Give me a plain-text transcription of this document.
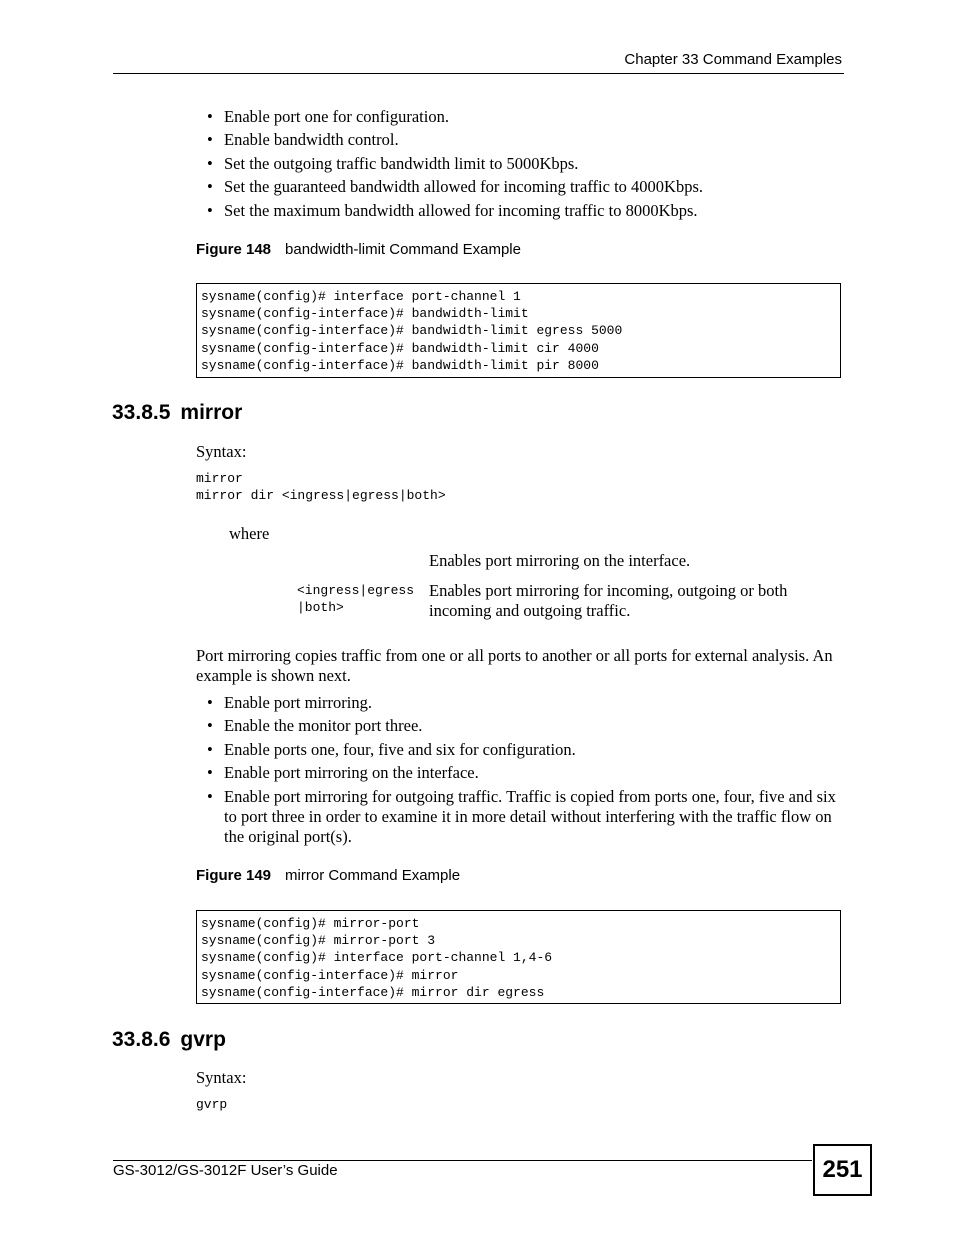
Chapter 33 Command Examples
• Enable port one for configuration.
• Enable bandwidth control.
• Set the outgoing traffic bandwidth limit to 5000Kbps.
• Set the guaranteed bandwidth allowed for incoming traffic to 4000Kbps.
• Set the maximum bandwidth allowed for incoming traffic to 8000Kbps.
Figure 148 bandwidth-limit Command Example
sysname(config)# interface port-channel 1
sysname(config-interface)# bandwidth-limit
sysname(config-interface)# bandwidth-limit egress 5000
sysname(config-interface)# bandwidth-limit cir 4000
sysname(config-interface)# bandwidth-limit pir 8000
33.8.5 mirror
Syntax:
mirror
mirror dir <ingress|egress|both>
where
Enables port mirroring on the interface.
<ingress|egress|both>
Enables port mirroring for incoming, outgoing or both incoming and outgoing traffic.
Port mirroring copies traffic from one or all ports to another or all ports for external analysis. An example is shown next.
• Enable port mirroring.
• Enable the monitor port three.
• Enable ports one, four, five and six for configuration.
• Enable port mirroring on the interface.
• Enable port mirroring for outgoing traffic. Traffic is copied from ports one, four, five and six to port three in order to examine it in more detail without interfering with the traffic flow on the original port(s).
Figure 149 mirror Command Example
sysname(config)# mirror-port
sysname(config)# mirror-port 3
sysname(config)# interface port-channel 1,4-6
sysname(config-interface)# mirror
sysname(config-interface)# mirror dir egress
33.8.6 gvrp
Syntax:
gvrp
GS-3012/GS-3012F User’s Guide	251
